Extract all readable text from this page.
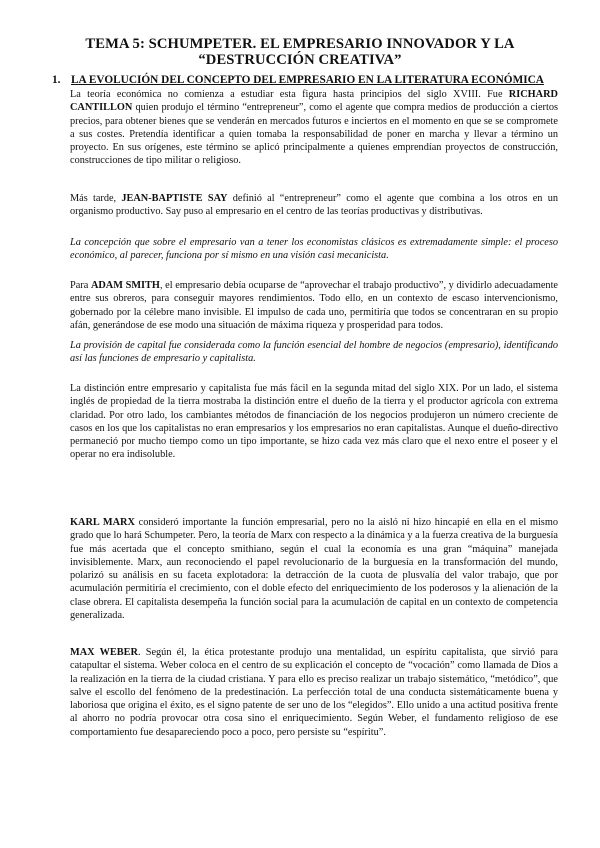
TEMA 5: SCHUMPETER. EL EMPRESARIO INNOVADOR Y LA
“DESTRUCCIÓN CREATIVA”
1. LA EVOLUCIÓN DEL CONCEPTO DEL EMPRESARIO EN LA LITERATURA ECONÓMICA

La teoría económica no comienza a estudiar esta figura hasta principios del siglo XVIII. Fue RICHARD CANTILLON quien produjo el término “entrepreneur”, como el agente que compra medios de producción a ciertos precios, para obtener bienes que se venderán en mercados futuros e inciertos en el momento en que se se compromete a sus costes. Pretendía identificar a quien tomaba la responsabilidad de poner en marcha y llevar a término un proyecto. En sus orígenes, este término se aplicó principalmente a quienes emprendían proyectos de construcción, construcciones de tipo militar o religioso.

Más tarde, JEAN-BAPTISTE SAY definió al “entrepreneur” como el agente que combina a los otros en un organismo productivo. Say puso al empresario en el centro de las teorías productivas y distributivas.

La concepción que sobre el empresario van a tener los economistas clásicos es extremadamente simple: el proceso económico, al parecer, funciona por sí mismo en una visión casi mecanicista.

Para ADAM SMITH, el empresario debía ocuparse de “aprovechar el trabajo productivo”, y dividirlo adecuadamente entre sus obreros, para conseguir mayores rendimientos. Todo ello, en un contexto de escaso intervencionismo, gobernado por la célebre mano invisible. El impulso de cada uno, permitiría que todos se concentraran en su propio afán, generándose de ese modo una situación de máxima riqueza y prosperidad para todos.

La provisión de capital fue considerada como la función esencial del hombre de negocios (empresario), identificando así las funciones de empresario y capitalista.

La distinción entre empresario y capitalista fue más fácil en la segunda mitad del siglo XIX. Por un lado, el sistema inglés de propiedad de la tierra mostraba la distinción entre el dueño de la tierra y el productor agrícola con extrema claridad. Por otro lado, los cambiantes métodos de financiación de los negocios produjeron un número creciente de casos en los que los capitalistas no eran empresarios y los empresarios no eran capitalistas. Aunque el dueño-directivo permaneció por mucho tiempo como un tipo importante, se hizo cada vez más claro que el nexo entre el poseer y el operar no era indisoluble.

KARL MARX consideró importante la función empresarial, pero no la aisló ni hizo hincapié en ella en el mismo grado que lo hará Schumpeter. Pero, la teoría de Marx con respecto a la dinámica y a la fuerza creativa de la burguesía fue más acertada que el concepto smithiano, según el cual la economía es una gran “máquina” manejada invisiblemente. Marx, aun reconociendo el papel revolucionario de la burguesía en la transformación del mundo, polarizó su análisis en su faceta explotadora: la detracción de la cuota de plusvalía del valor trabajo, que por acumulación permitiría el crecimiento, con el doble efecto del enriquecimiento de los poderosos y la alienación de la clase obrera. El capitalista desempeña la función social para la acumulación de capital en un contexto de competencia generalizada.

MAX WEBER. Según él, la ética protestante produjo una mentalidad, un espíritu capitalista, que sirvió para catapultar el sistema. Weber coloca en el centro de su explicación el concepto de “vocación” como llamada de Dios a la realización en la tierra de la ciudad cristiana. Y para ello es preciso realizar un trabajo sistemático, “metódico”, que salve el escollo del fenómeno de la predestinación. La perfección total de una conducta sistemáticamente buena y laboriosa que origina el éxito, es el signo patente de ser uno de los “elegidos”. Ello unido a una actitud positiva frente al ahorro no podría provocar otra cosa sino el enriquecimiento. Según Weber, el fundamento religioso de ese comportamiento fue desapareciendo poco a poco, pero persiste su “espíritu”.
